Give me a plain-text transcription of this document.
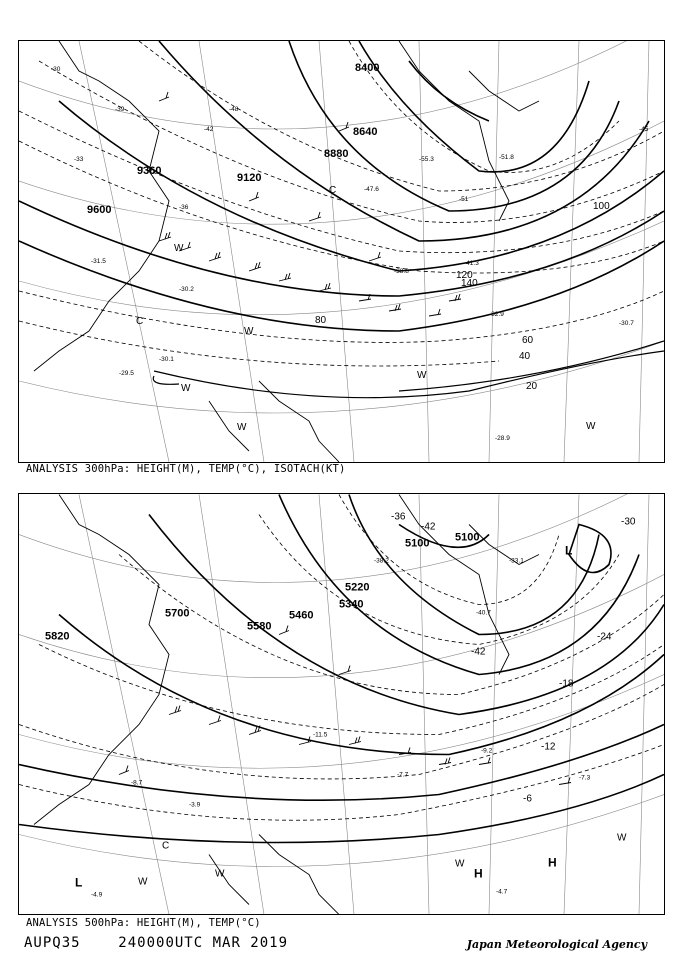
-31.5
-30.2
-30.7
-32.9
-38.8
-41.3
-47.6
-51.8
-55.3
-28.9
-30.1
-29.5
-30
-33
-36
-39
-42	-45
-48
-51
9600
9360
9120
8880
8640
8400
20
40
60
80
100
120
140
W
W
W
W
W
W
C
C
ANALYSIS 300hPa: HEIGHT(M), TEMP(°C), ISOTACH(KT)
-7.7
-9.2
-7.3
-4.7
-3.9
-4.9
-8.7
-11.5
-38.2	-33.1
-40.7
-6
-12
-18
-24
-30
-36
-42
-42
5820
5700
5580
5460
5340
5220
5100 5100
L
L
H
H
W
W
W
W
C
ANALYSIS 500hPa: HEIGHT(M), TEMP(°C)
AUPQ35	240000UTC MAR 2019	Japan Meteorological Agency
